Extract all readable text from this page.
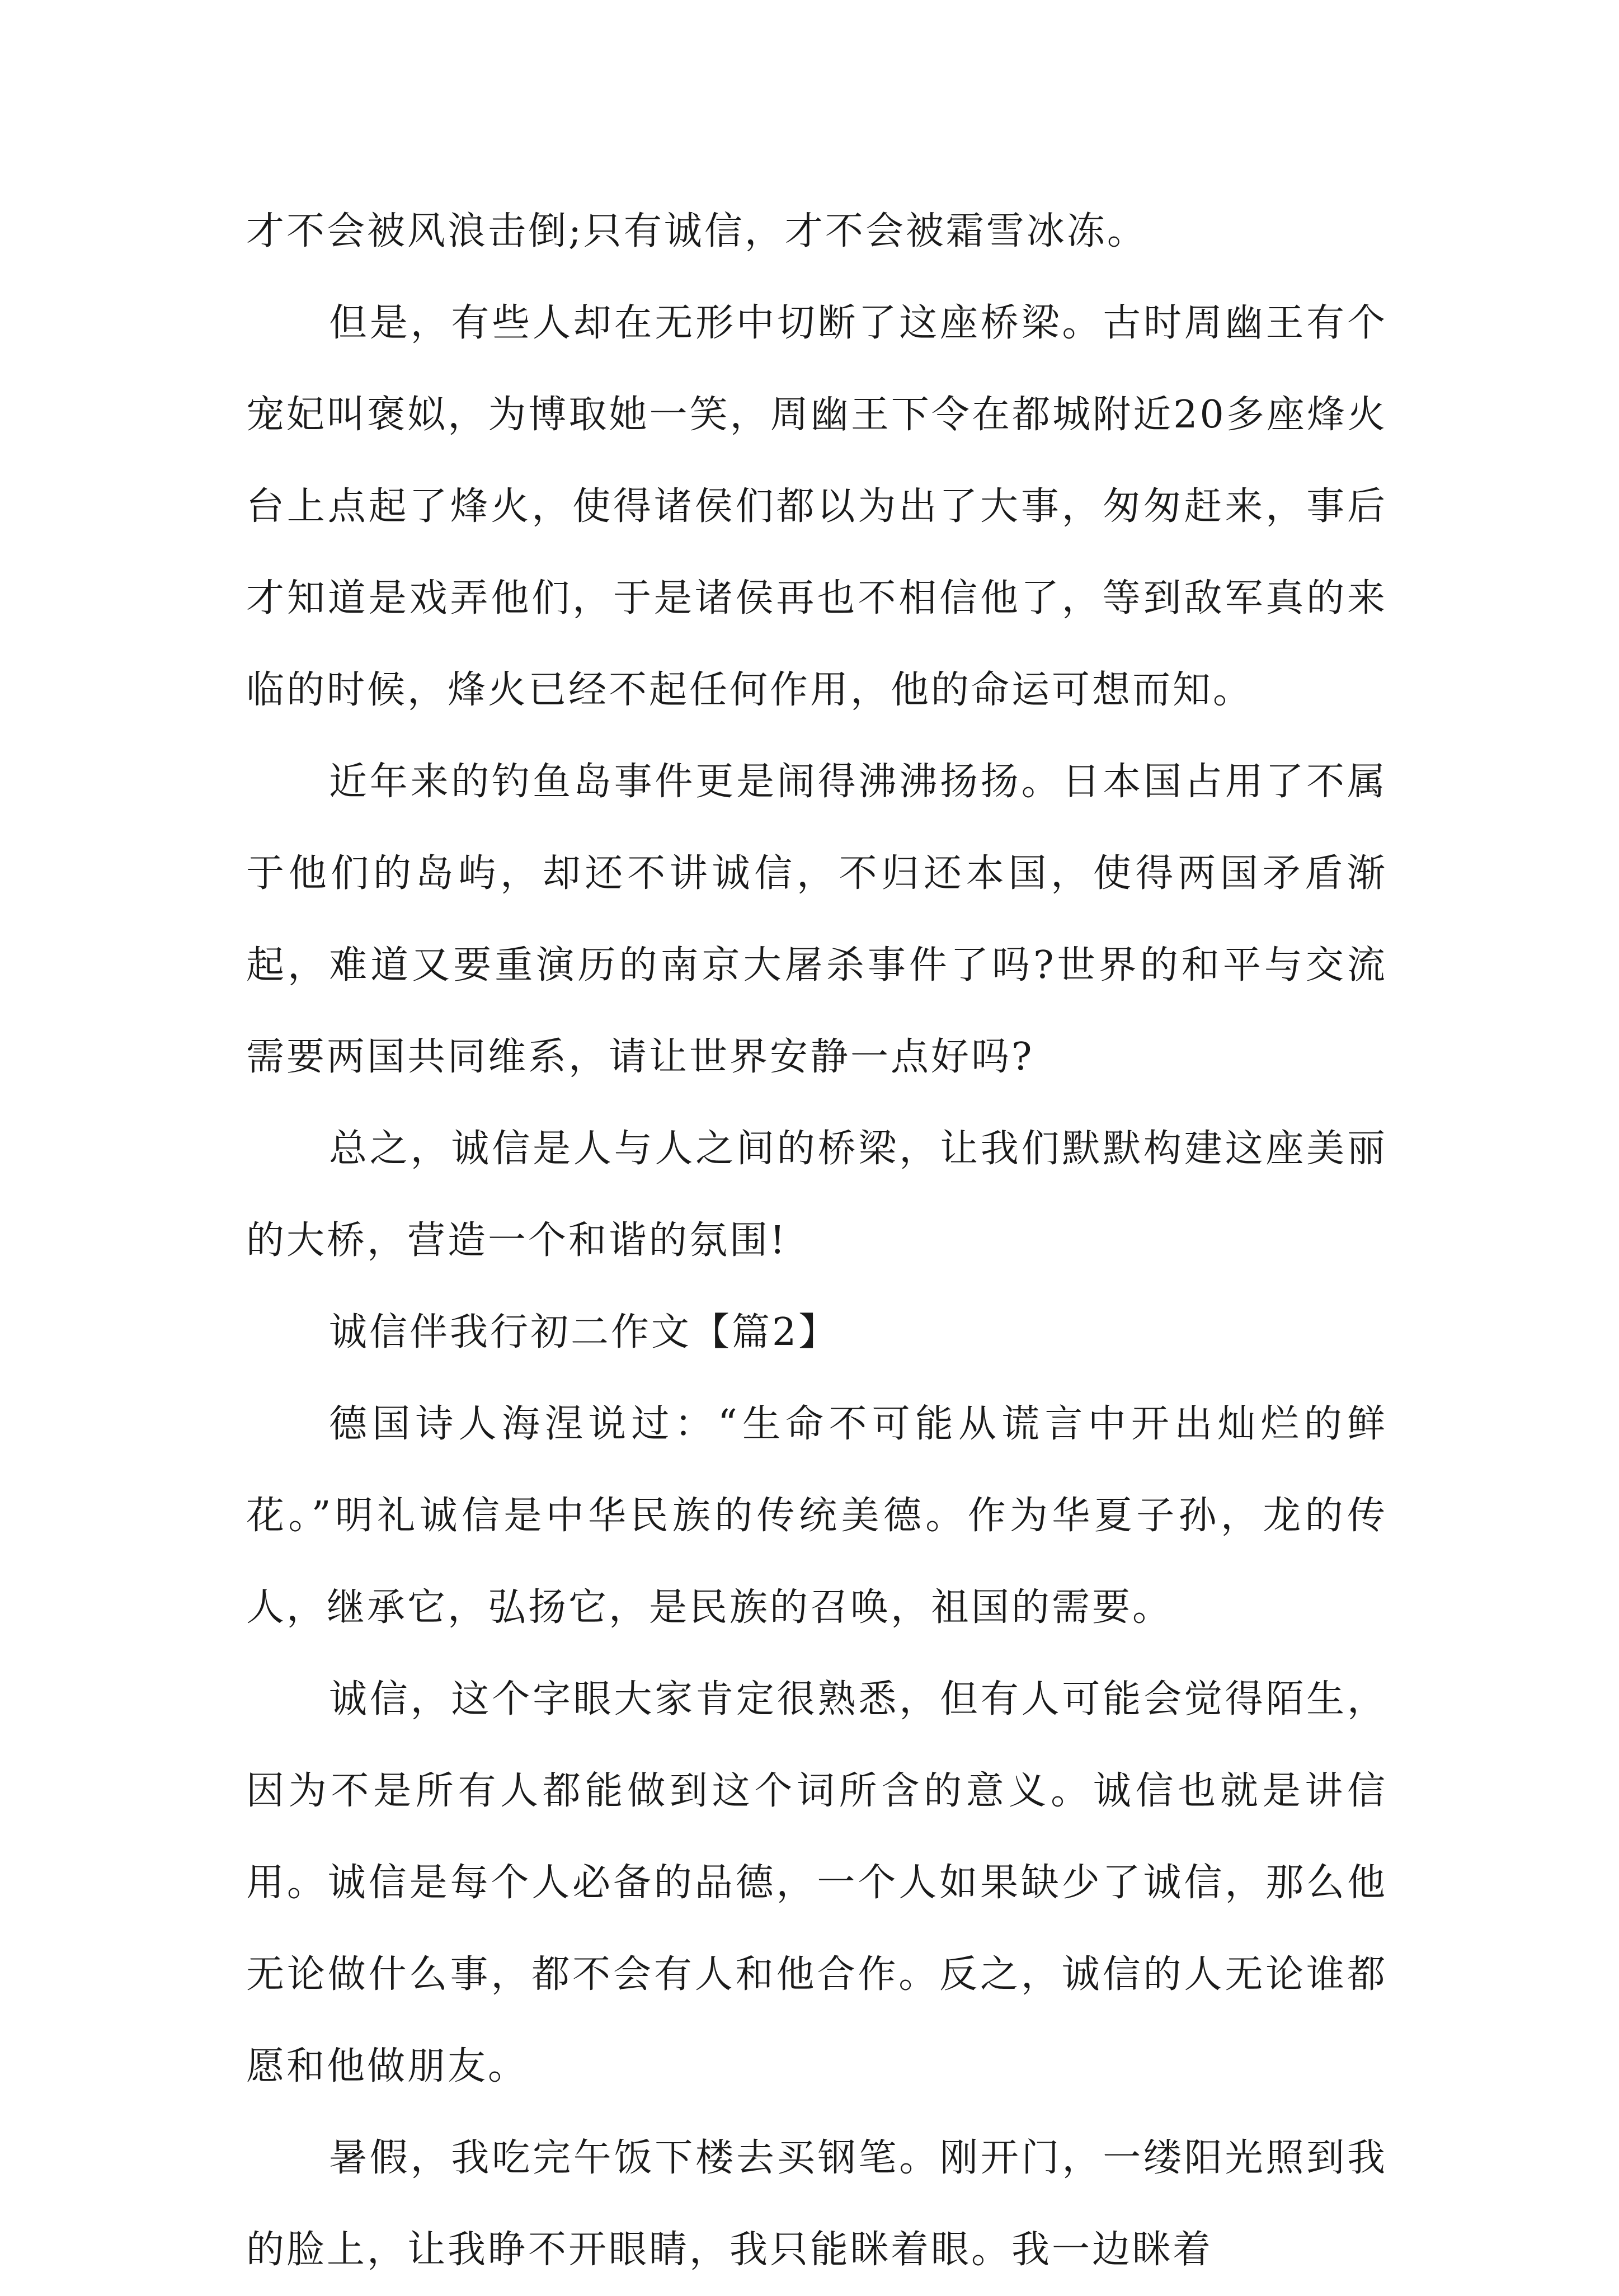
才不会被风浪击倒;只有诚信，才不会被霜雪冰冻。

但是，有些人却在无形中切断了这座桥梁。古时周幽王有个宠妃叫褒姒，为博取她一笑，周幽王下令在都城附近20多座烽火台上点起了烽火，使得诸侯们都以为出了大事，匆匆赶来，事后才知道是戏弄他们，于是诸侯再也不相信他了，等到敌军真的来临的时候，烽火已经不起任何作用，他的命运可想而知。

近年来的钓鱼岛事件更是闹得沸沸扬扬。日本国占用了不属于他们的岛屿，却还不讲诚信，不归还本国，使得两国矛盾渐起，难道又要重演历的南京大屠杀事件了吗?世界的和平与交流需要两国共同维系，请让世界安静一点好吗?

总之，诚信是人与人之间的桥梁，让我们默默构建这座美丽的大桥，营造一个和谐的氛围!

诚信伴我行初二作文【篇2】

德国诗人海涅说过：“生命不可能从谎言中开出灿烂的鲜花。”明礼诚信是中华民族的传统美德。作为华夏子孙，龙的传人，继承它，弘扬它，是民族的召唤，祖国的需要。

诚信，这个字眼大家肯定很熟悉，但有人可能会觉得陌生，因为不是所有人都能做到这个词所含的意义。诚信也就是讲信用。诚信是每个人必备的品德，一个人如果缺少了诚信，那么他无论做什么事，都不会有人和他合作。反之，诚信的人无论谁都愿和他做朋友。

暑假，我吃完午饭下楼去买钢笔。刚开门，一缕阳光照到我的脸上，让我睁不开眼睛，我只能眯着眼。我一边眯着
